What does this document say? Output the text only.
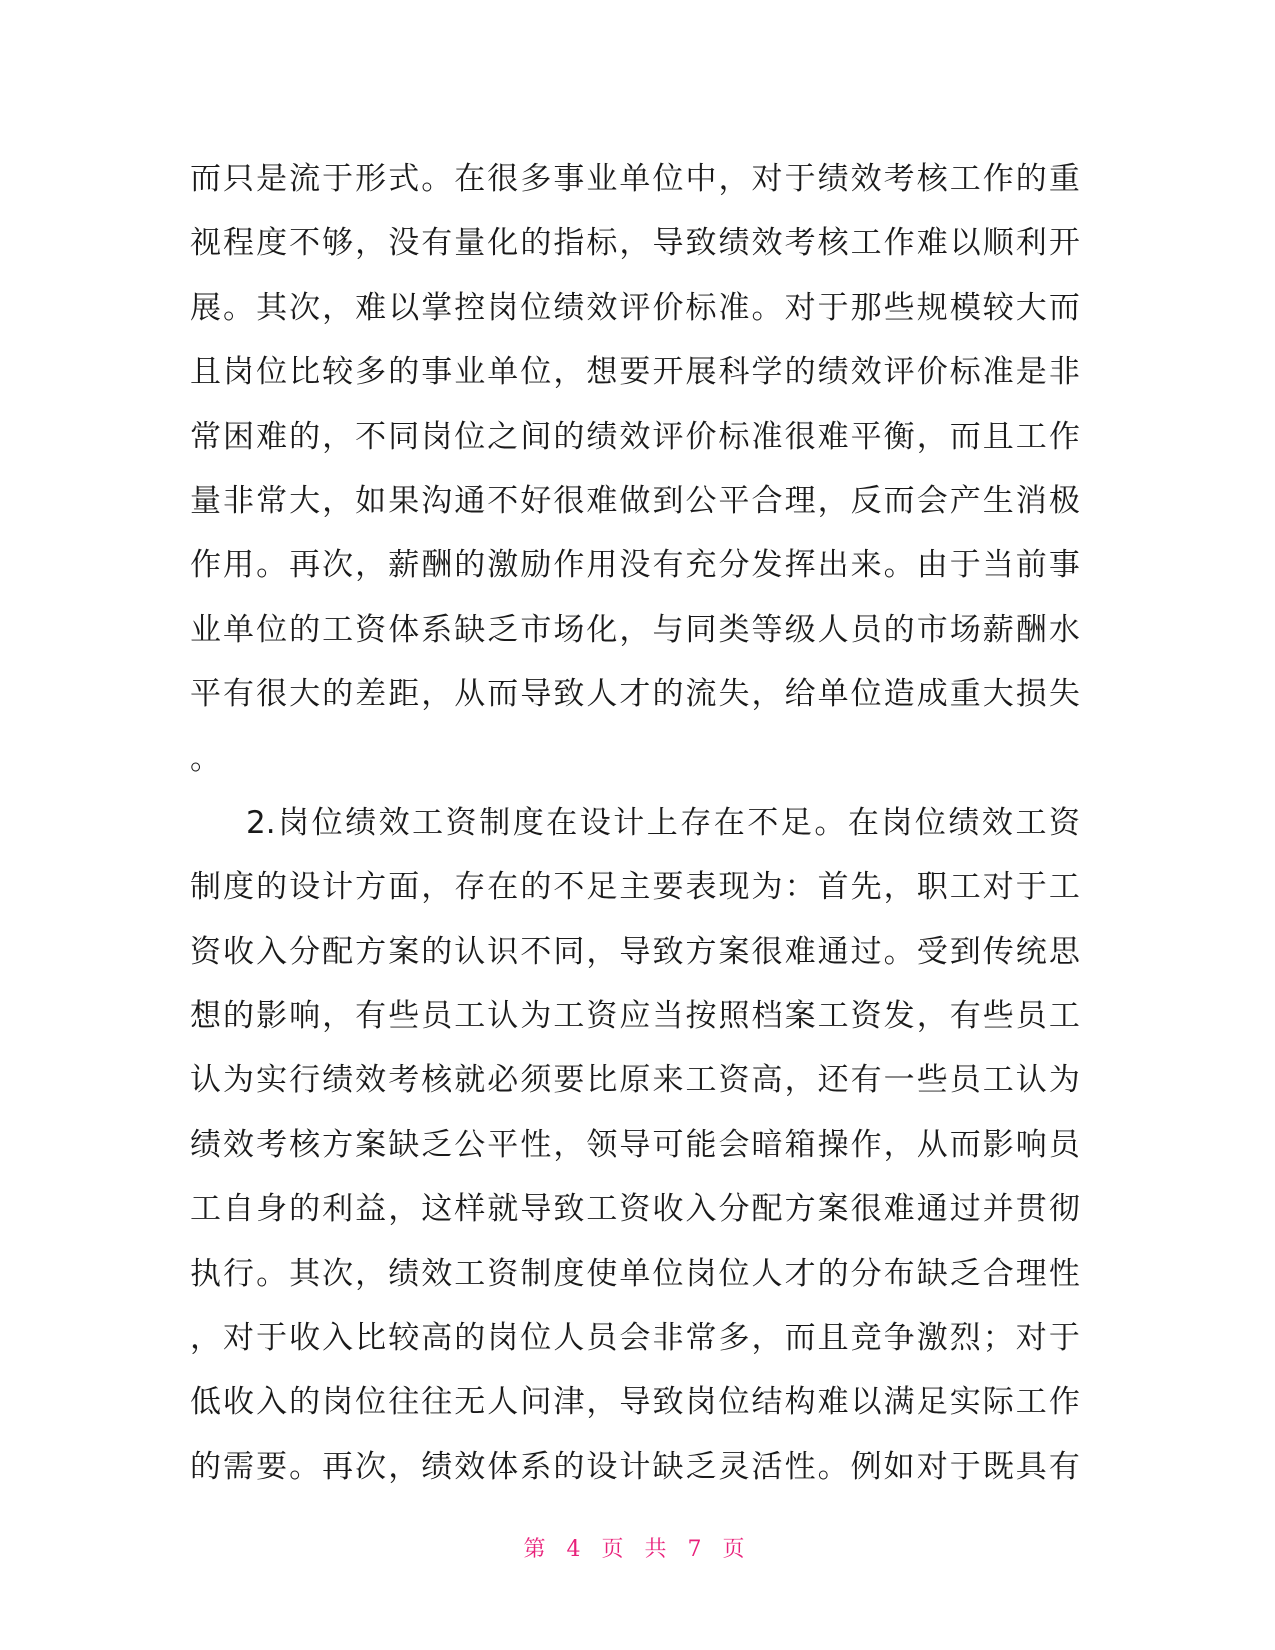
而 只 是 流 于 形 式 。 在 很 多 事 业 单 位 中 ， 对 于 绩 效 考 核 工 作 的 重
视 程 度 不 够 ， 没 有 量 化 的 指 标 ， 导 致 绩 效 考 核 工 作 难 以 顺 利 开
展 。 其 次 ， 难 以 掌 控 岗 位 绩 效 评 价 标 准 。 对 于 那 些 规 模 较 大 而
且 岗 位 比 较 多 的 事 业 单 位 ， 想 要 开 展 科 学 的 绩 效 评 价 标 准 是 非
常 困 难 的 ， 不 同 岗 位 之 间 的 绩 效 评 价 标 准 很 难 平 衡 ， 而 且 工 作
量 非 常 大 ， 如 果 沟 通 不 好 很 难 做 到 公 平 合 理 ， 反 而 会 产 生 消 极
作 用 。 再 次 ， 薪 酬 的 激 励 作 用 没 有 充 分 发 挥 出 来 。 由 于 当 前 事
业 单 位 的 工 资 体 系 缺 乏 市 场 化 ， 与 同 类 等 级 人 员 的 市 场 薪 酬 水
平 有 很 大 的 差 距 ， 从 而 导 致 人 才 的 流 失 ， 给 单 位 造 成 重 大 损 失
。
2. 岗 位 绩 效 工 资 制 度 在 设 计 上 存 在 不 足 。 在 岗 位 绩 效 工 资
制 度 的 设 计 方 面 ， 存 在 的 不 足 主 要 表 现 为 ： 首 先 ， 职 工 对 于 工
资 收 入 分 配 方 案 的 认 识 不 同 ， 导 致 方 案 很 难 通 过 。 受 到 传 统 思
想 的 影 响 ， 有 些 员 工 认 为 工 资 应 当 按 照 档 案 工 资 发 ， 有 些 员 工
认 为 实 行 绩 效 考 核 就 必 须 要 比 原 来 工 资 高 ， 还 有 一 些 员 工 认 为
绩 效 考 核 方 案 缺 乏 公 平 性 ， 领 导 可 能 会 暗 箱 操 作 ， 从 而 影 响 员
工 自 身 的 利 益 ， 这 样 就 导 致 工 资 收 入 分 配 方 案 很 难 通 过 并 贯 彻
执 行 。 其 次 ， 绩 效 工 资 制 度 使 单 位 岗 位 人 才 的 分 布 缺 乏 合 理 性
， 对 于 收 入 比 较 高 的 岗 位 人 员 会 非 常 多 ， 而 且 竞 争 激 烈 ； 对 于
低 收 入 的 岗 位 往 往 无 人 问 津 ， 导 致 岗 位 结 构 难 以 满 足 实 际 工 作
的 需 要 。 再 次 ， 绩 效 体 系 的 设 计 缺 乏 灵 活 性 。 例 如 对 于 既 具 有
第 4 页 共 7 页
